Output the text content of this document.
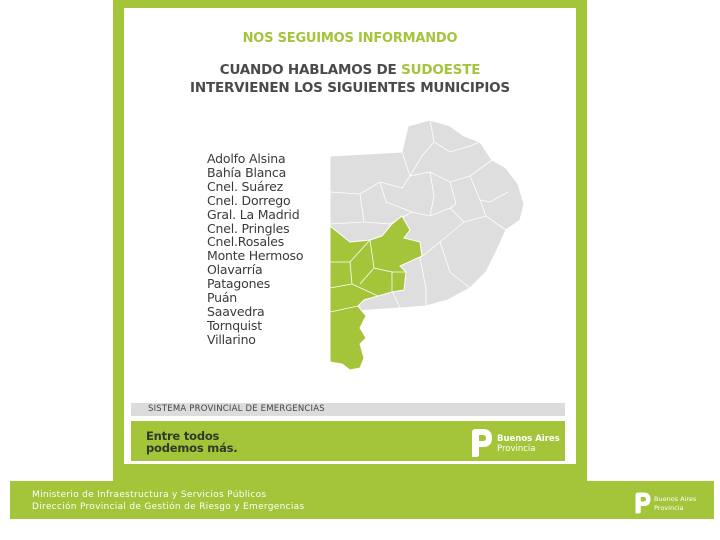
NOS SEGUIMOS INFORMANDO
CUANDO HABLAMOS DE SUDOESTE
INTERVIENEN LOS SIGUIENTES MUNICIPIOS
Adolfo Alsina
Bahía Blanca
Cnel. Suárez
Cnel. Dorrego
Gral. La Madrid
Cnel. Pringles
Cnel.Rosales
Monte Hermoso
Olavarría
Patagones
Puán
Saavedra
Tornquist
Villarino
SISTEMA PROVINCIAL DE EMERGENCIAS
Entre todos
podemos más.
Buenos Aires
Provincia
Ministerio de Infraestructura y Servicios Públicos
Dirección Provincial de Gestión de Riesgo y Emergencias
Buenos Aires
Provincia
